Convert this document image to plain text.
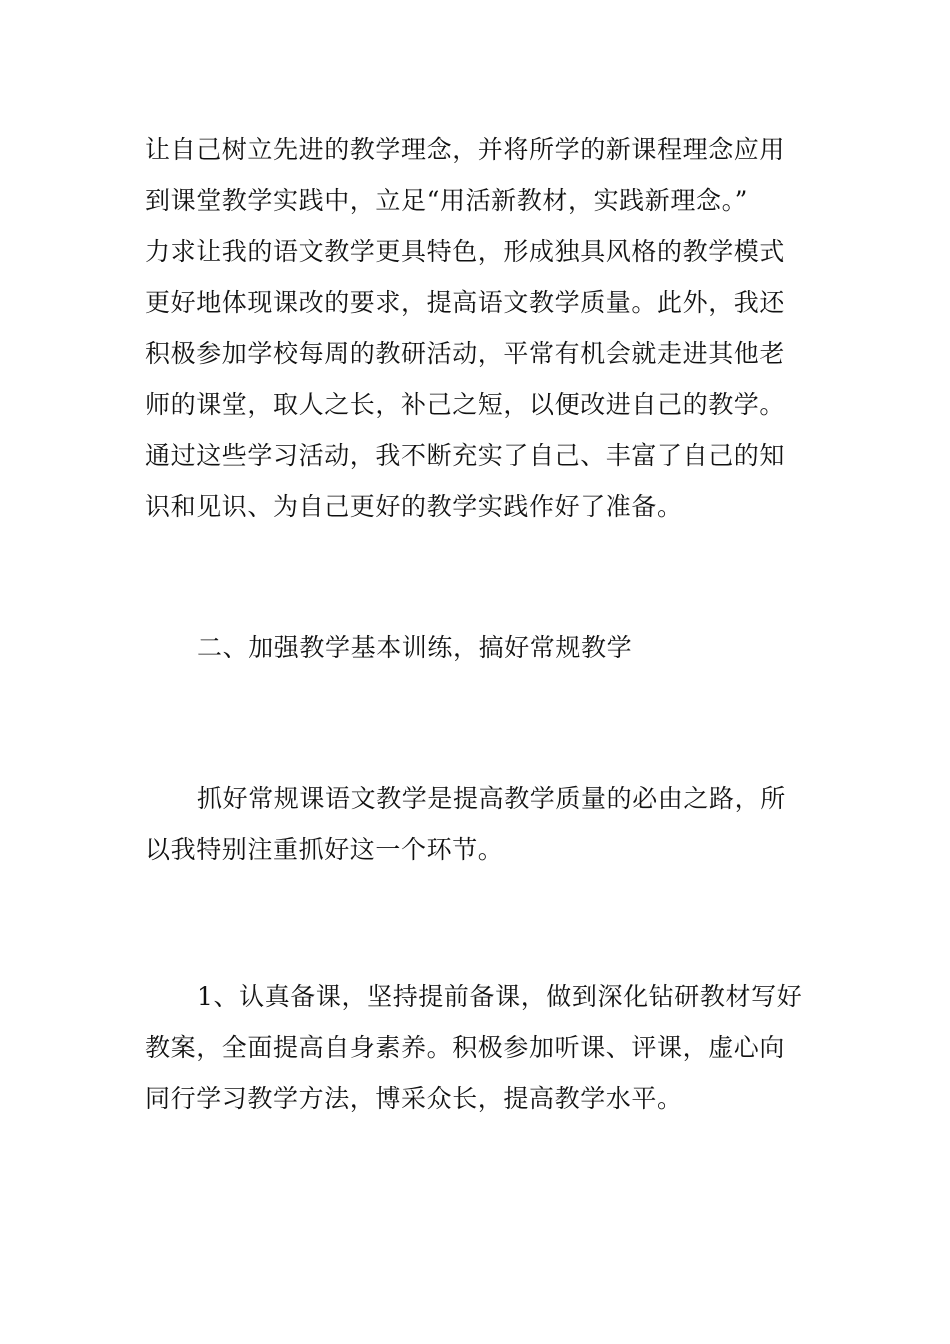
让自己树立先进的教学理念，并将所学的新课程理念应用
到课堂教学实践中，立足“用活新教材，实践新理念。”
力求让我的语文教学更具特色，形成独具风格的教学模式
更好地体现课改的要求，提高语文教学质量。此外，我还
积极参加学校每周的教研活动，平常有机会就走进其他老
师的课堂，取人之长，补己之短，以便改进自己的教学。
通过这些学习活动，我不断充实了自己、丰富了自己的知
识和见识、为自己更好的教学实践作好了准备。
二、加强教学基本训练，搞好常规教学
抓好常规课语文教学是提高教学质量的必由之路，所
以我特别注重抓好这一个环节。
1、认真备课，坚持提前备课，做到深化钻研教材写好
教案，全面提高自身素养。积极参加听课、评课，虚心向
同行学习教学方法，博采众长，提高教学水平。
